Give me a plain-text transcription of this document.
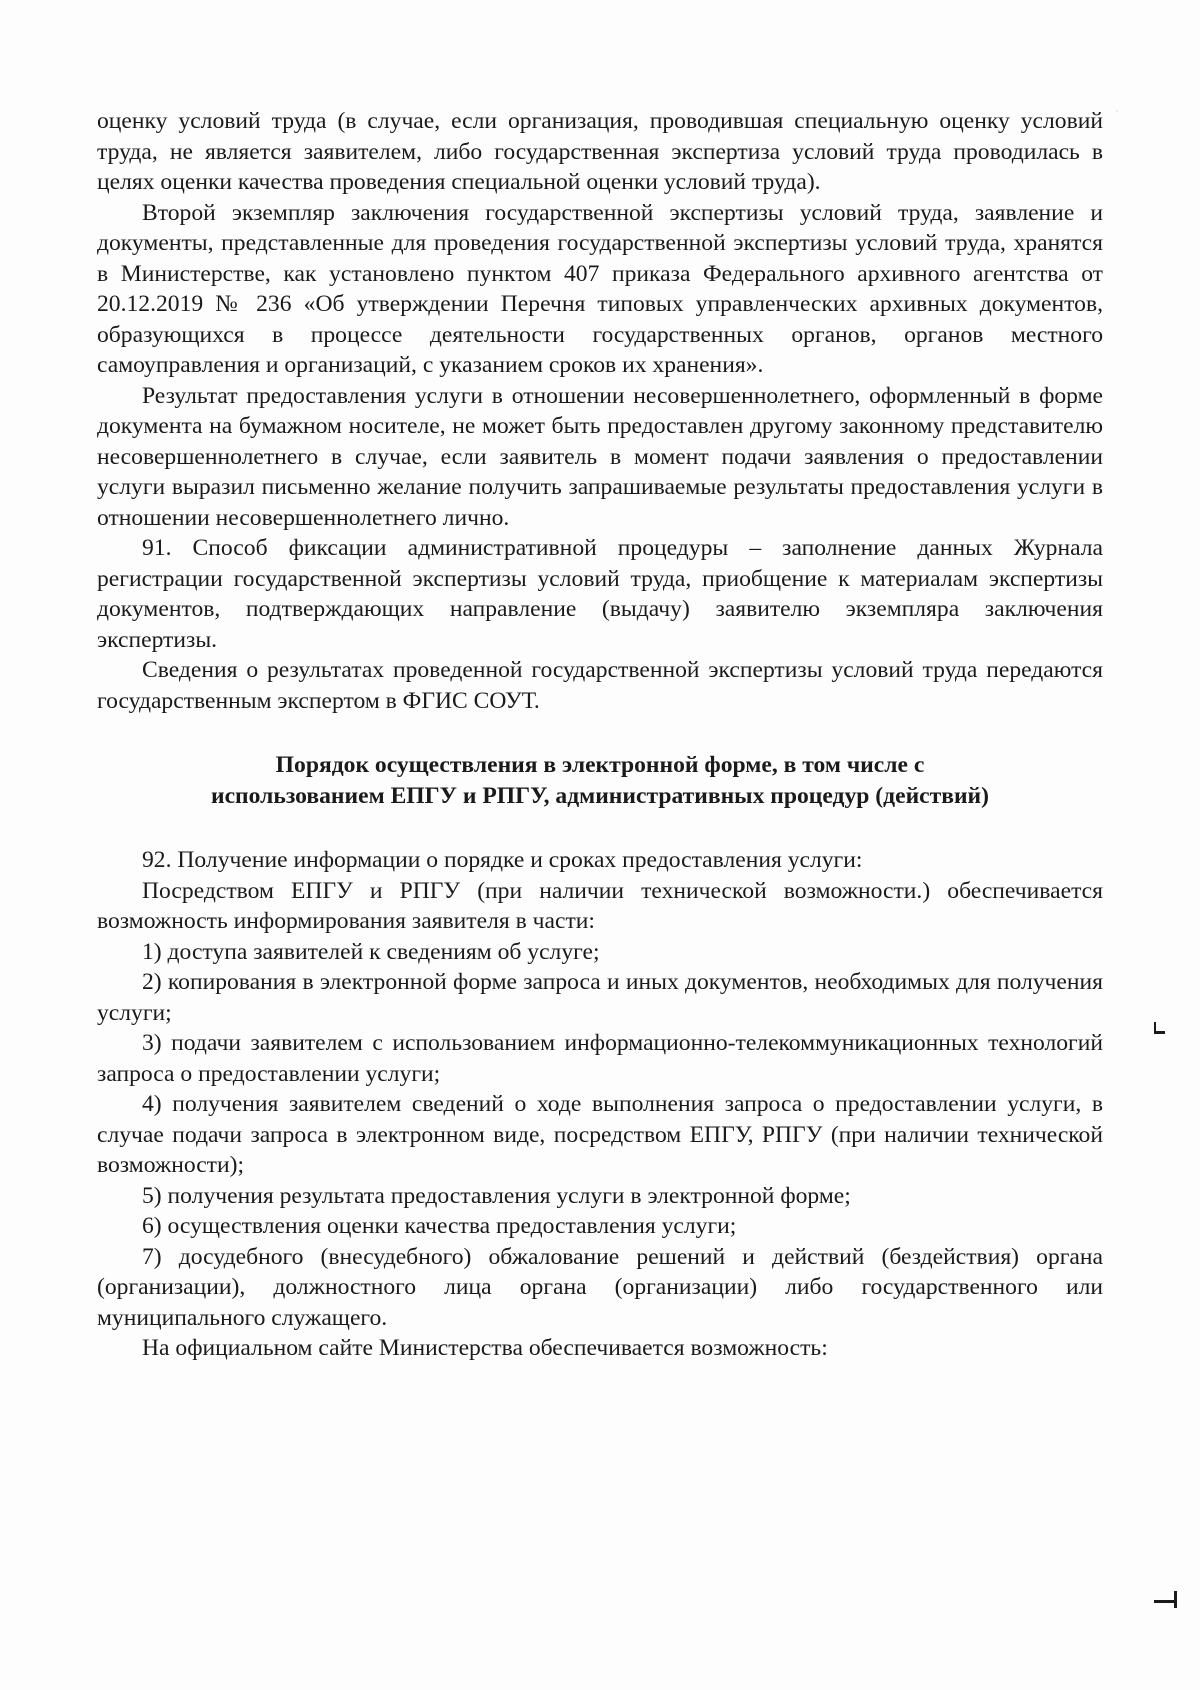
оценку условий труда (в случае, если организация, проводившая специальную оценку условий труда, не является заявителем, либо государственная экспертиза условий труда проводилась в целях оценки качества проведения специальной оценки условий труда).

Второй экземпляр заключения государственной экспертизы условий труда, заявление и документы, представленные для проведения государственной экспертизы условий труда, хранятся в Министерстве, как установлено пунктом 407 приказа Федерального архивного агентства от 20.12.2019 № 236 «Об утверждении Перечня типовых управленческих архивных документов, образующихся в процессе деятельности государственных органов, органов местного самоуправления и организаций, с указанием сроков их хранения».

Результат предоставления услуги в отношении несовершеннолетнего, оформленный в форме документа на бумажном носителе, не может быть предоставлен другому законному представителю несовершеннолетнего в случае, если заявитель в момент подачи заявления о предоставлении услуги выразил письменно желание получить запрашиваемые результаты предоставления услуги в отношении несовершеннолетнего лично.

91. Способ фиксации административной процедуры – заполнение данных Журнала регистрации государственной экспертизы условий труда, приобщение к материалам экспертизы документов, подтверждающих направление (выдачу) заявителю экземпляра заключения экспертизы.

Сведения о результатах проведенной государственной экспертизы условий труда передаются государственным экспертом в ФГИС СОУТ.

Порядок осуществления в электронной форме, в том числе с
использованием ЕПГУ и РПГУ, административных процедур (действий)

92. Получение информации о порядке и сроках предоставления услуги:

Посредством ЕПГУ и РПГУ (при наличии технической возможности.) обеспечивается возможность информирования заявителя в части:

1) доступа заявителей к сведениям об услуге;

2) копирования в электронной форме запроса и иных документов, необходимых для получения услуги;

3) подачи заявителем с использованием информационно-телекоммуникационных технологий запроса о предоставлении услуги;

4) получения заявителем сведений о ходе выполнения запроса о предоставлении услуги, в случае подачи запроса в электронном виде, посредством ЕПГУ, РПГУ (при наличии технической возможности);

5) получения результата предоставления услуги в электронной форме;

6) осуществления оценки качества предоставления услуги;

7) досудебного (внесудебного) обжалование решений и действий (бездействия) органа (организации), должностного лица органа (организации) либо государственного или муниципального служащего.

На официальном сайте Министерства обеспечивается возможность:
